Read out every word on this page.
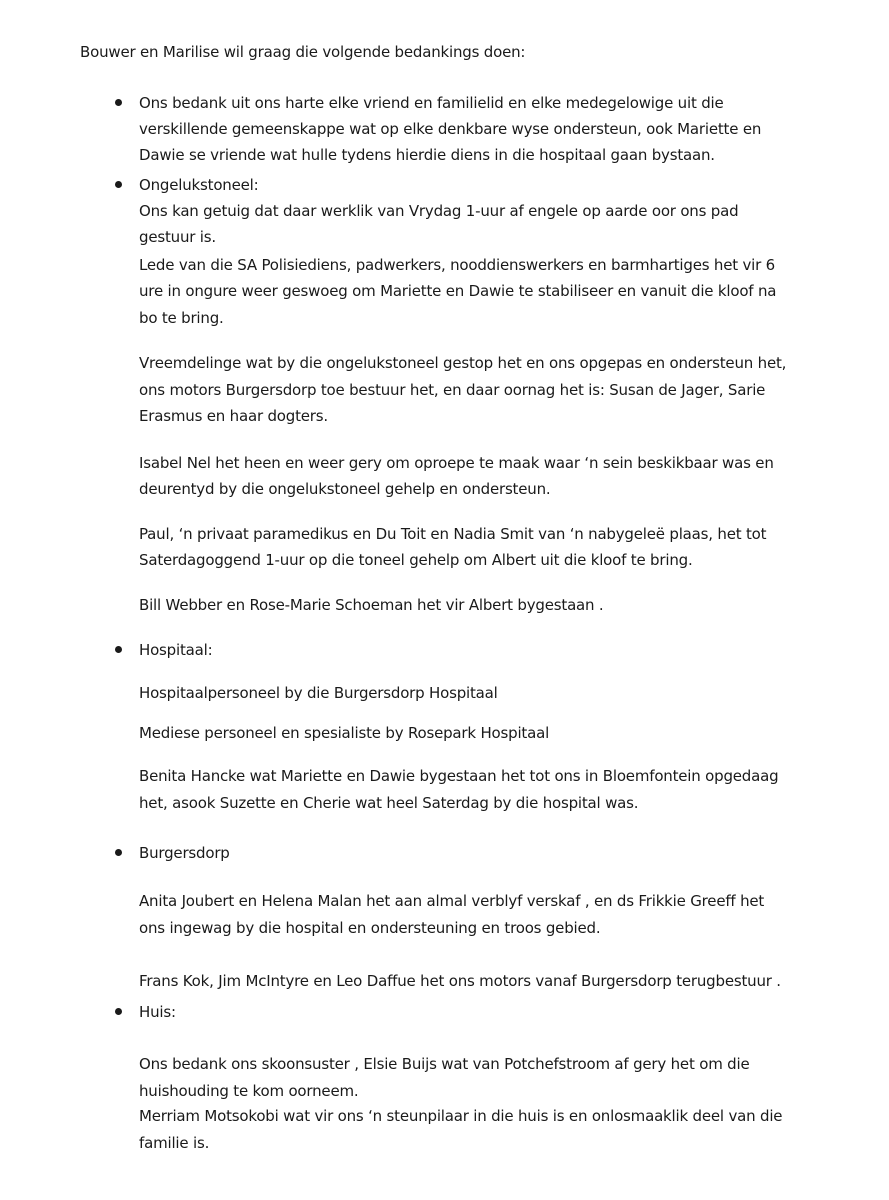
Bouwer en Marilise wil graag die volgende bedankings doen:
Ons bedank uit ons harte elke vriend en familielid en elke medegelowige uit die
verskillende gemeenskappe wat op elke denkbare wyse ondersteun, ook Mariette en
Dawie se vriende wat hulle tydens hierdie diens in die hospitaal gaan bystaan.
Ongelukstoneel:
Ons kan getuig dat daar werklik van Vrydag 1-uur af engele op aarde oor ons pad
gestuur is.
Lede van die SA Polisiediens, padwerkers, nooddienswerkers en barmhartiges het vir 6
ure in ongure weer geswoeg om Mariette en Dawie te stabiliseer en vanuit die kloof na
bo te bring.
Vreemdelinge wat by die ongelukstoneel gestop het en ons opgepas en ondersteun het,
ons motors Burgersdorp toe bestuur het, en daar oornag het is: Susan de Jager, Sarie
Erasmus en haar dogters.
Isabel Nel het heen en weer gery om oproepe te maak waar ‘n sein beskikbaar was en
deurentyd by die ongelukstoneel gehelp en ondersteun.
Paul, ‘n privaat paramedikus en Du Toit en Nadia Smit van ‘n nabygeleë plaas, het tot
Saterdagoggend 1-uur op die toneel gehelp om Albert uit die kloof te bring.
Bill Webber en Rose-Marie Schoeman het vir Albert bygestaan .
Hospitaal:
Hospitaalpersoneel by die Burgersdorp Hospitaal
Mediese personeel en spesialiste by Rosepark Hospitaal
Benita Hancke wat Mariette en Dawie bygestaan het tot ons in Bloemfontein opgedaag
het, asook Suzette en Cherie wat heel Saterdag by die hospital was.
Burgersdorp
Anita Joubert en Helena Malan het aan almal verblyf verskaf , en ds Frikkie Greeff het
ons ingewag by die hospital en ondersteuning en troos gebied.
Frans Kok, Jim McIntyre en Leo Daffue het ons motors vanaf Burgersdorp terugbestuur .
Huis:
Ons bedank ons skoonsuster , Elsie Buijs wat van Potchefstroom af gery het om die
huishouding te kom oorneem.
Merriam Motsokobi wat vir ons ‘n steunpilaar in die huis is en onlosmaaklik deel van die
familie is.
